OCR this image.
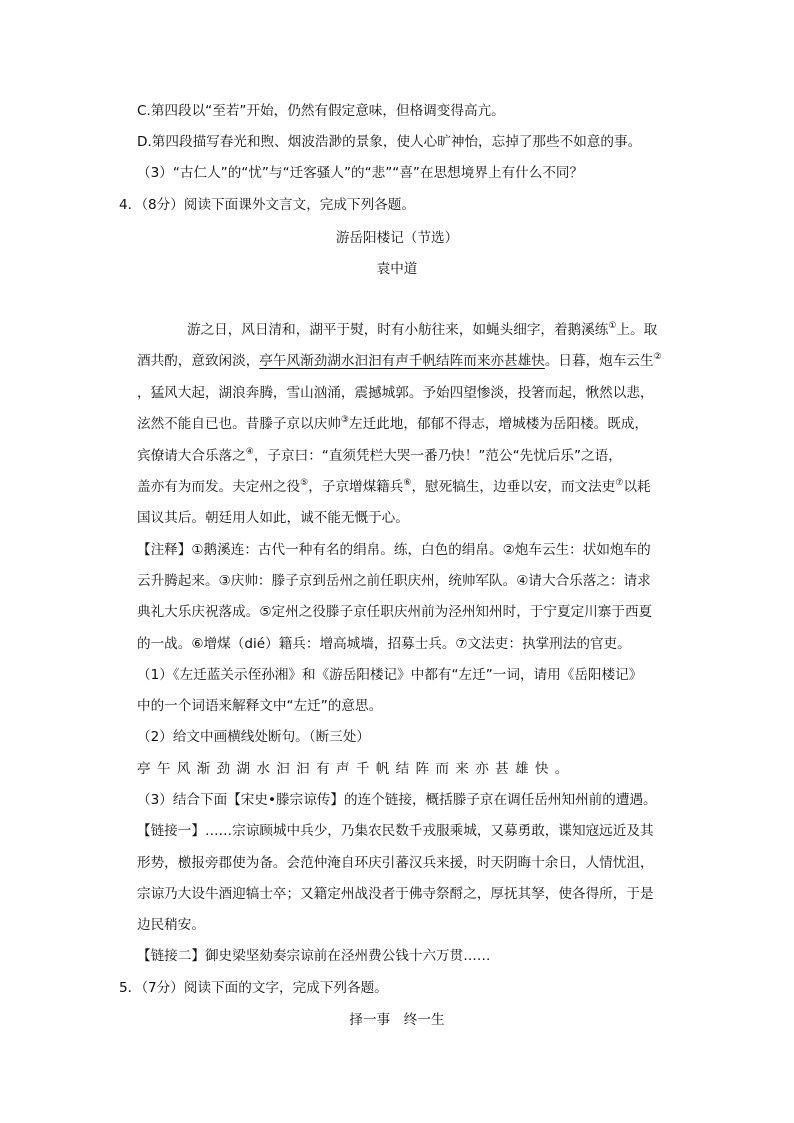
C.第四段以“至若”开始，仍然有假定意味，但格调变得高亢。
D.第四段描写春光和煦、烟波浩渺的景象，使人心旷神怡，忘掉了那些不如意的事。
（3）“古仁人”的“忧”与“迁客骚人”的“悲”“喜”在思想境界上有什么不同？
4．（8分）阅读下面课外文言文，完成下列各题。
游岳阳楼记（节选）
袁中道
游之日，风日清和，湖平于熨，时有小舫往来，如蝇头细字，着鹅溪练①上。取
酒共酌，意致闲淡，亭午风渐劲湖水汩汩有声千帆结阵而来亦甚雄快。日暮，炮车云生②
，猛风大起，湖浪奔腾，雪山汹涌，震撼城郭。予始四望惨淡，投箸而起，愀然以悲，
泫然不能自已也。昔滕子京以庆帅③左迁此地，郁郁不得志，增城楼为岳阳楼。既成，
宾僚请大合乐落之④，子京曰：“直须凭栏大哭一番乃快！”范公“先忧后乐”之语，
盖亦有为而发。夫定州之役⑤，子京增煤籍兵⑥，慰死犒生，边垂以安，而文法吏⑦以耗
国议其后。朝廷用人如此，诚不能无慨于心。
【注释】①鹅溪连：古代一种有名的绢帛。练，白色的绢帛。②炮车云生：状如炮车的
云升腾起来。③庆帅：滕子京到岳州之前任职庆州，统帅军队。④请大合乐落之：请求
典礼大乐庆祝落成。⑤定州之役滕子京任职庆州前为泾州知州时，于宁夏定川寨于西夏
的一战。⑥增煤（dié）籍兵：增高城墙，招募士兵。⑦文法吏：执掌刑法的官吏。
（1）《左迁蓝关示侄孙湘》和《游岳阳楼记》中都有“左迁”一词，请用《岳阳楼记》
中的一个词语来解释文中“左迁”的意思。
（2）给文中画横线处断句。（断三处）
亭午风渐劲湖水汩汩有声千帆结阵而来亦甚雄快。
（3）结合下面【宋史•滕宗谅传】的连个链接，概括滕子京在调任岳州知州前的遭遇。
【链接一】……宗谅顾城中兵少，乃集农民数千戎服乘城，又募勇敢，谍知寇远近及其
形势，檄报旁郡使为备。会范仲淹自环庆引蕃汉兵来援，时天阴晦十余日，人情忧沮，
宗谅乃大设牛酒迎犒士卒；又籍定州战没者于佛寺祭酹之，厚抚其孥，使各得所，于是
边民稍安。
【链接二】御史梁坚劾奏宗谅前在泾州费公钱十六万贯……
5．（7分）阅读下面的文字，完成下列各题。
择一事　终一生
